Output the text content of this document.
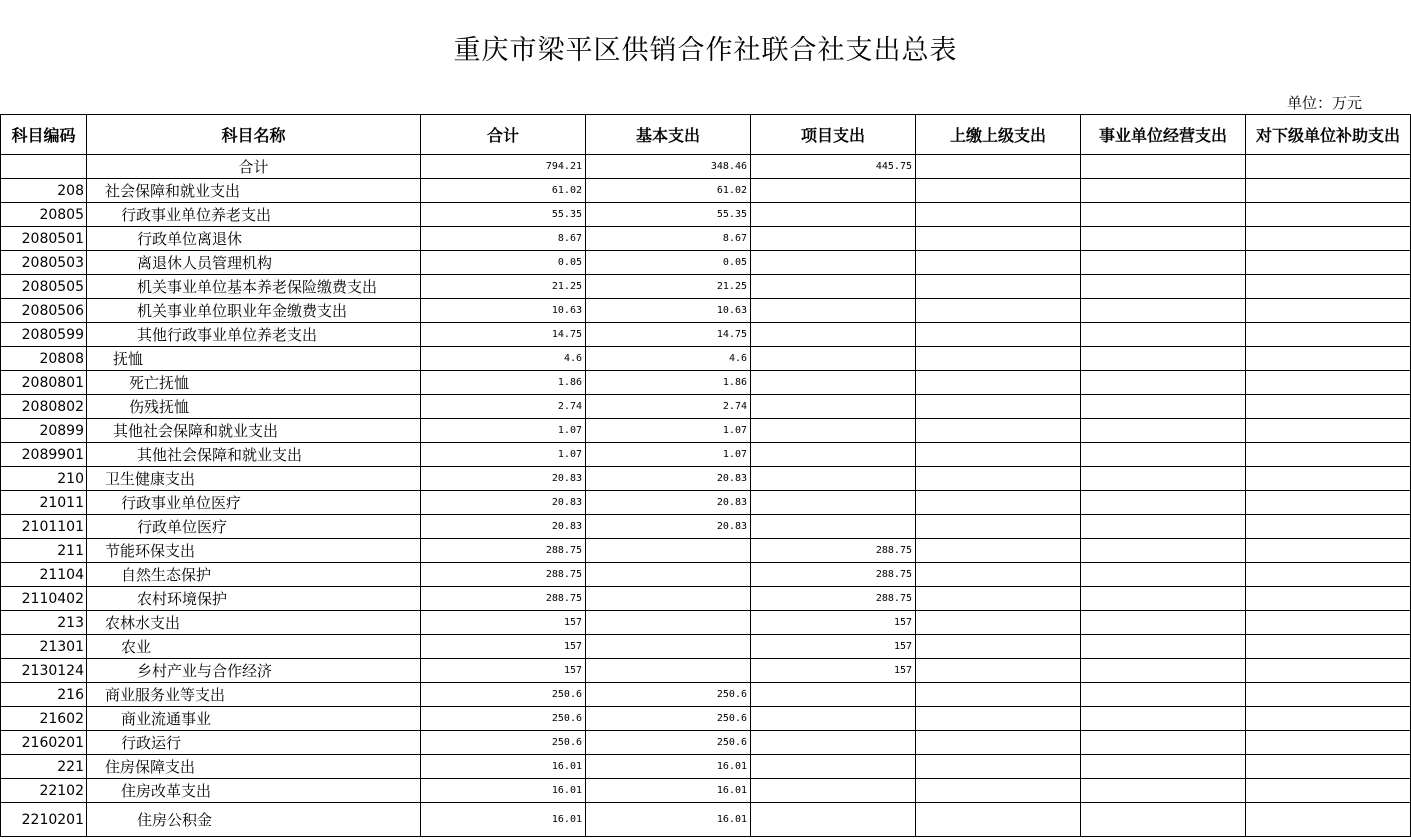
重庆市梁平区供销合作社联合社支出总表
单位：万元
科目编码	科目名称	合计	基本支出	项目支出	上缴上级支出	事业单位经营支出	对下级单位补助支出
	合计	794.21	348.46	445.75			
208	社会保障和就业支出	61.02	61.02				
20805	行政事业单位养老支出	55.35	55.35				
2080501	行政单位离退休	8.67	8.67				
2080503	离退休人员管理机构	0.05	0.05				
2080505	机关事业单位基本养老保险缴费支出	21.25	21.25				
2080506	机关事业单位职业年金缴费支出	10.63	10.63				
2080599	其他行政事业单位养老支出	14.75	14.75				
20808	抚恤	4.6	4.6				
2080801	死亡抚恤	1.86	1.86				
2080802	伤残抚恤	2.74	2.74				
20899	其他社会保障和就业支出	1.07	1.07				
2089901	其他社会保障和就业支出	1.07	1.07				
210	卫生健康支出	20.83	20.83				
21011	行政事业单位医疗	20.83	20.83				
2101101	行政单位医疗	20.83	20.83				
211	节能环保支出	288.75		288.75			
21104	自然生态保护	288.75		288.75			
2110402	农村环境保护	288.75		288.75			
213	农林水支出	157		157			
21301	农业	157		157			
2130124	乡村产业与合作经济	157		157			
216	商业服务业等支出	250.6	250.6				
21602	商业流通事业	250.6	250.6				
2160201	行政运行	250.6	250.6				
221	住房保障支出	16.01	16.01				
22102	住房改革支出	16.01	16.01				
2210201	住房公积金	16.01	16.01				
